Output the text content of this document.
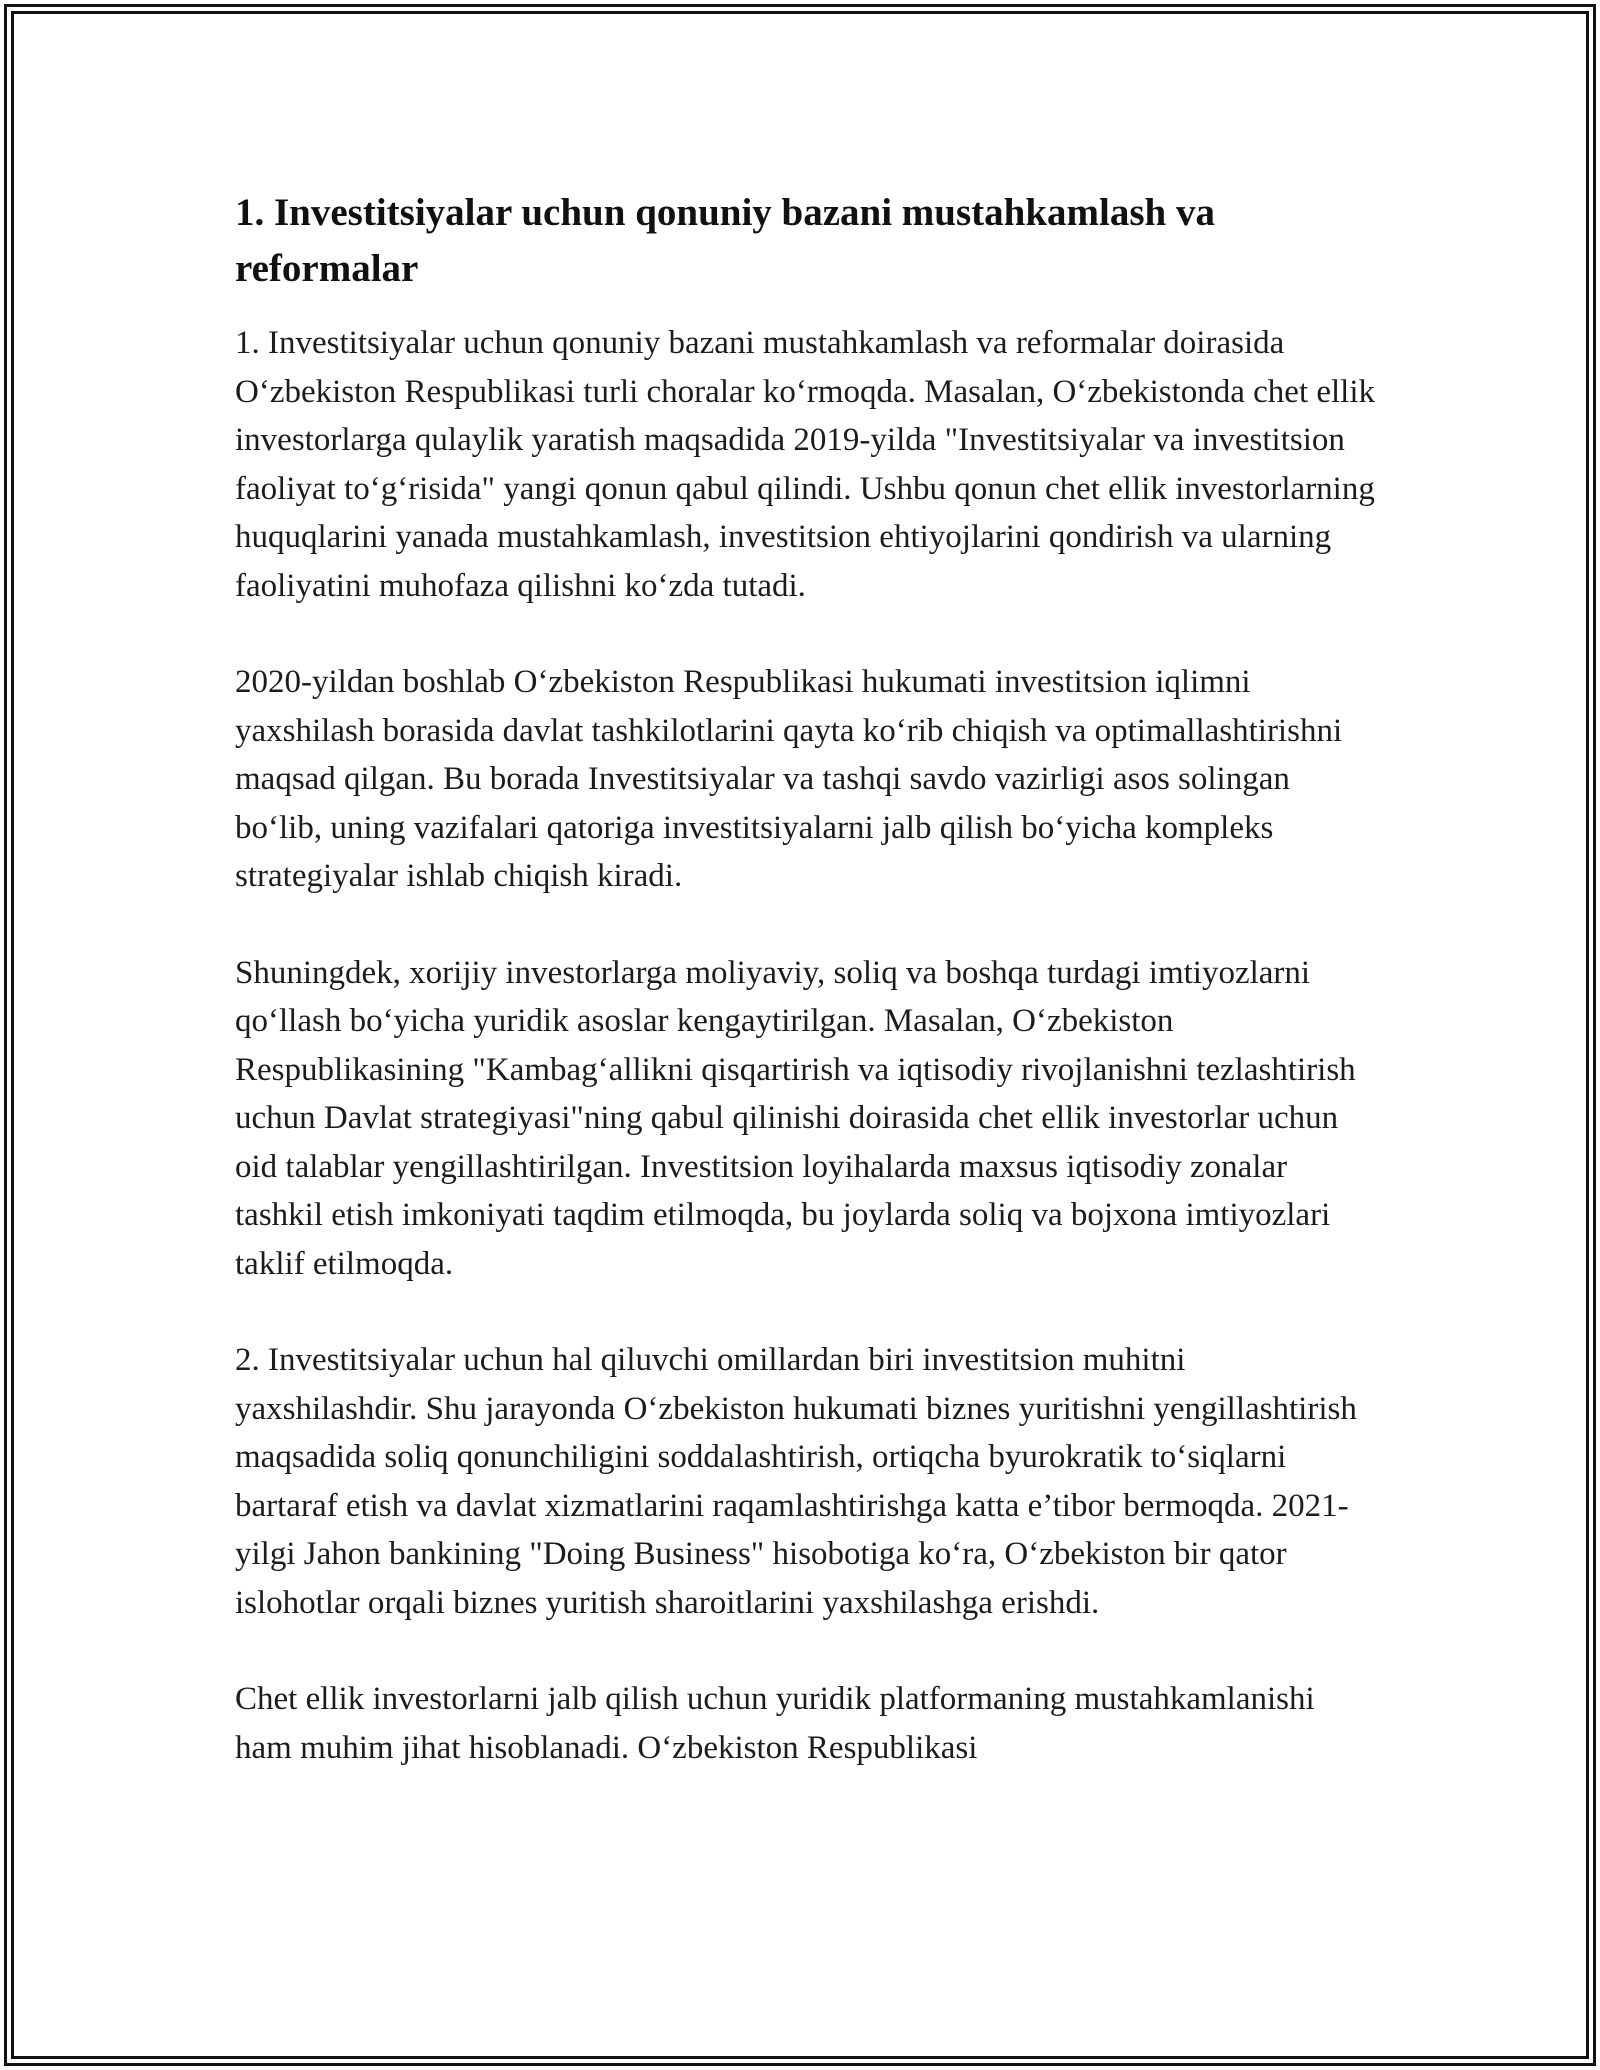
1. Investitsiyalar uchun qonuniy bazani mustahkamlash va reformalar

1. Investitsiyalar uchun qonuniy bazani mustahkamlash va reformalar doirasida O‘zbekiston Respublikasi turli choralar ko‘rmoqda. Masalan, O‘zbekistonda chet ellik investorlarga qulaylik yaratish maqsadida 2019-yilda "Investitsiyalar va investitsion faoliyat to‘g‘risida" yangi qonun qabul qilindi. Ushbu qonun chet ellik investorlarning huquqlarini yanada mustahkamlash, investitsion ehtiyojlarini qondirish va ularning faoliyatini muhofaza qilishni ko‘zda tutadi.

2020-yildan boshlab O‘zbekiston Respublikasi hukumati investitsion iqlimni yaxshilash borasida davlat tashkilotlarini qayta ko‘rib chiqish va optimallashtirishni maqsad qilgan. Bu borada Investitsiyalar va tashqi savdo vazirligi asos solingan bo‘lib, uning vazifalari qatoriga investitsiyalarni jalb qilish bo‘yicha kompleks strategiyalar ishlab chiqish kiradi.

Shuningdek, xorijiy investorlarga moliyaviy, soliq va boshqa turdagi imtiyozlarni qo‘llash bo‘yicha yuridik asoslar kengaytirilgan. Masalan, O‘zbekiston Respublikasining "Kambag‘allikni qisqartirish va iqtisodiy rivojlanishni tezlashtirish uchun Davlat strategiyasi"ning qabul qilinishi doirasida chet ellik investorlar uchun oid talablar yengillashtirilgan. Investitsion loyihalarda maxsus iqtisodiy zonalar tashkil etish imkoniyati taqdim etilmoqda, bu joylarda soliq va bojxona imtiyozlari taklif etilmoqda.

2. Investitsiyalar uchun hal qiluvchi omillardan biri investitsion muhitni yaxshilashdir. Shu jarayonda O‘zbekiston hukumati biznes yuritishni yengillashtirish maqsadida soliq qonunchiligini soddalashtirish, ortiqcha byurokratik to‘siqlarni bartaraf etish va davlat xizmatlarini raqamlashtirishga katta e’tibor bermoqda. 2021-yilgi Jahon bankining "Doing Business" hisobotiga ko‘ra, O‘zbekiston bir qator islohotlar orqali biznes yuritish sharoitlarini yaxshilashga erishdi.

Chet ellik investorlarni jalb qilish uchun yuridik platformaning mustahkamlanishi ham muhim jihat hisoblanadi. O‘zbekiston Respublikasi
